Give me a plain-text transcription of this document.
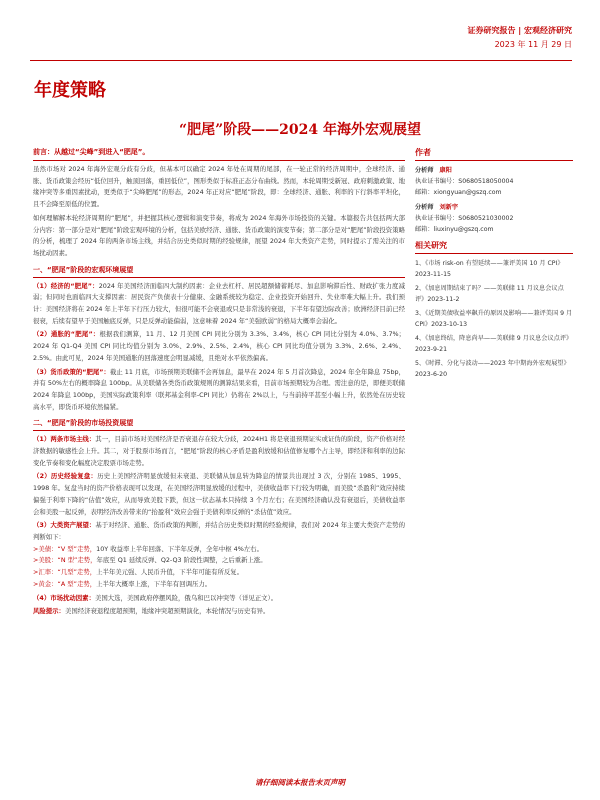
证券研究报告 | 宏观经济研究
2023 年 11 月 29 日
年度策略
“肥尾”阶段——2024 年海外宏观展望
前言：从越过“尖峰”到进入“肥尾”。

虽然市场对 2024 年海外宏观分歧有分歧，但基本可以确定 2024 年处在周期的尾部，在一轮正常的经济周期中，全球经济、通胀、货币政策会经历“低位回升，触顶回落，重回低位”，图形类似于标准正态分布曲线。然而，本轮周期受新冠、政府刺激政策、地缘冲突等多重因素扰动，更类似于“尖峰肥尾”的形态，2024 年正对应“肥尾”阶段，即：全球经济、通胀、利率的下行斜率平坦化，且不会降至原低的位置。

如何理解解本轮经济周期的“肥尾”，并把握其核心逻辑和演变节奏，将成为 2024 年海外市场投资的关键。本篇报告共包括两大部分内容：第一部分是对“肥尾”阶段宏观环境的分析，包括美欧经济、通胀、货币政策的演变节奏；第二部分是对“肥尾”阶段投资策略的分析，梳理了 2024 年的两条市场主线，并结合历史类似时期的经验规律，展望 2024 年大类资产走势，同时提示了需关注的市场扰动因素。

一、“肥尾”阶段的宏观环境展望

（1）经济的“肥尾”：2024 年美国经济面临四大制约因素：企业去杠杆、居民超额储蓄耗尽、加息影响滞后性、财政扩张力度减弱；但同时也面临四大支撑因素：居民资产负债表十分健康、金融系统较为稳定、企业投资开始回升、失业率难大幅上升。我们预计：美国经济将在 2024 年上半年下行压力较大，但很可能不会衰退或只是非常浅的衰退，下半年有望边际改善；欧洲经济目前已经很衰，后续有望早于美国触底反弹，只是反弹动能偏弱，这意味着 2024 年“美强欧弱”的格局大概率会弱化。

（2）通胀的“肥尾”：根据我们测算，11 月、12 月美国 CPI 同比分别为 3.3%、3.4%，核心 CPI 同比分别为 4.0%、3.7%；2024 年 Q1-Q4 美国 CPI 同比均值分别为 3.0%、2.9%、2.5%、2.4%，核心 CPI 同比均值分别为 3.3%、2.6%、2.4%、2.5%。由此可见，2024 年美国通胀的回落速度会明显减缓，且绝对水平依然偏高。

（3）货币政策的“肥尾”：截止 11 月底，市场预期美联储不会再加息，最早在 2024 年 5 月首次降息，2024 年全年降息 75bp，并有 50%左右的概率降息 100bp。从美联储各类货币政策规则的测算结果来看，目前市场预期较为合理。需注意的是，即便美联储 2024 年降息 100bp，美国实际政策利率（联邦基金利率-CPI 同比）仍将在 2%以上，与当前持平甚至小幅上升，依然处在历史较高水平，即货币环境依然偏紧。

二、“肥尾”阶段的市场投资展望

（1）两条市场主线：其一，目前市场对美国经济是否衰退存在较大分歧，2024H1 将是衰退预期证实或证伪的阶段，资产价格对经济数据的敏感性会上升。其二，对于股票市场而言，“肥尾”阶段的核心矛盾是盈利放缓和估值修复哪个占主导，即经济和利率的边际变化节奏和变化幅度决定股票市场走势。

（2）历史经验复盘：历史上美国经济明显放缓但未衰退、美联储从加息转为降息的情景共出现过 3 次，分别在 1985、1995、1998 年。复盘当时的资产价格表现可以发现，在美国经济明显放缓的过程中，美债收益率下行较为明确，而美股“杀盈利”效应持续偏强于利率下降的“估值”效应，从而导致美股下跌，但这一状态基本只持续 3 个月左右；在美国经济确认没有衰退后，美债收益率会和美股一起反弹，表明经济改善带来的“抬盈利”效应会强于美债利率反弹的“杀估值”效应。

（3）大类资产展望：基于对经济、通胀、货币政策的判断，并结合历史类似时期的经验规律，我们对 2024 年主要大类资产走势的判断如下：

>美债：“V 型”走势，10Y 收益率上半年回落、下半年反弹，全年中枢 4%左右。

>美股：“N 型”走势，年底至 Q1 延续反弹、Q2-Q3 阶段性调整，之后重新上涨。

>汇率：“几型”走势，上半年美元强、人民币升值，下半年可能有所反复。

>黄金：“A 型”走势，上半年大概率上涨，下半年有回调压力。

（4）市场扰动因素：美国大选，美国政府停摆风险，俄乌和巴以冲突等（详见正文）。

风险提示：美国经济衰退程度超预期，地缘冲突超预期演化，本轮情况与历史有异。

作者
分析师 康阳
执业证书编号：S0680518050004
邮箱：xiongyuan@gszq.com
分析师 刘新宇
执业证书编号：S0680521030002
邮箱：liuxinyu@gszq.com
相关研究
1、《市场 risk-on 有望延续——兼评美国 10 月 CPI》2023-11-15
2、《加息周期结束了吗？——美联储 11 月议息会议点评》2023-11-2
3、《近期美债收益率飙升的原因及影响——兼评美国 9 月 CPI》2023-10-13
4、《加息终结，降息尚早——美联储 9 月议息会议点评》2023-9-21
5、《时滞、分化与波动——2023 年中期海外宏观展望》2023-6-20
请仔细阅读本报告末页声明
